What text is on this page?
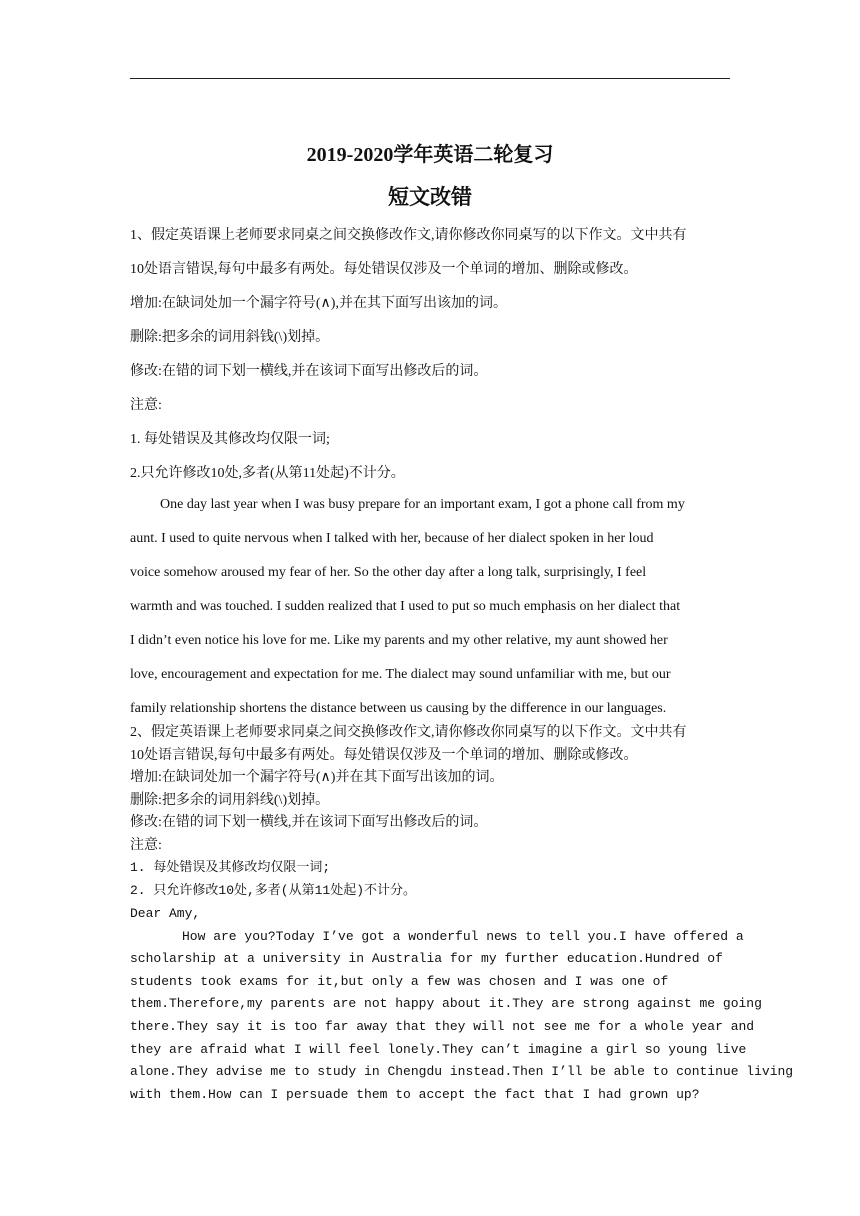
2019-2020学年英语二轮复习
短文改错
1、假定英语课上老师要求同桌之间交换修改作文,请你修改你同桌写的以下作文。文中共有
10处语言错误,每句中最多有两处。每处错误仅涉及一个单词的增加、删除或修改。
增加:在缺词处加一个漏字符号(∧),并在其下面写出该加的词。
删除:把多余的词用斜钱(\)划掉。
修改:在错的词下划一横线,并在该词下面写出修改后的词。
注意:
1. 每处错误及其修改均仅限一词;
2.只允许修改10处,多者(从第11处起)不计分。

One day last year when I was busy prepare for an important exam, I got a phone call from my

aunt. I used to quite nervous when I talked with her, because of her dialect spoken in her loud

voice somehow aroused my fear of her. So the other day after a long talk, surprisingly, I feel

warmth and was touched. I sudden realized that I used to put so much emphasis on her dialect that

I didn’t even notice his love for me. Like my parents and my other relative, my aunt showed her

love, encouragement and expectation for me. The dialect may sound unfamiliar with me, but our

family relationship shortens the distance between us causing by the difference in our languages.

2、假定英语课上老师要求同桌之间交换修改作文,请你修改你同桌写的以下作文。文中共有

10处语言错误,每句中最多有两处。每处错误仅涉及一个单词的增加、删除或修改。

增加:在缺词处加一个漏字符号(∧)并在其下面写出该加的词。

删除:把多余的词用斜线(\)划掉。

修改:在错的词下划一横线,并在该词下面写出修改后的词。

注意:

1. 每处错误及其修改均仅限一词;

2. 只允许修改10处,多者(从第11处起)不计分。

Dear Amy,

How are you?Today I’ve got a wonderful news to tell you.I have offered a

scholarship at a university in Australia for my further education.Hundred of

students took exams for it,but only a few was chosen and I was one of

them.Therefore,my parents are not happy about it.They are strong against me going

there.They say it is too far away that they will not see me for a whole year and

they are afraid what I will feel lonely.They can’t imagine a girl so young live

alone.They advise me to study in Chengdu instead.Then I’ll be able to continue living

with them.How can I persuade them to accept the fact that I had grown up?
